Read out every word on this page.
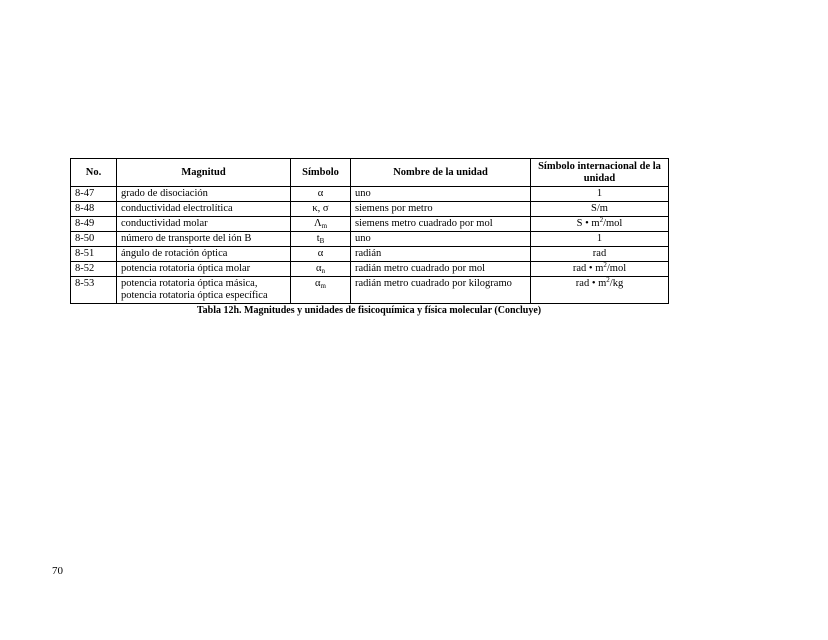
No.	Magnitud	Símbolo	Nombre de la unidad	Símbolo internacional de la unidad
8-47	grado de disociación	α	uno	1
8-48	conductividad electrolítica	κ, σ	siemens por metro	S/m
8-49	conductividad molar	$\Lambda_m$	siemens metro cuadrado por mol	S • $m^2$/mol
8-50	número de transporte del ión B	$t_B$	uno	1
8-51	ángulo de rotación óptica	α	radián	rad
8-52	potencia rotatoria óptica molar	$\alpha_n$	radián metro cuadrado por mol	rad • $m^2$/mol
8-53	potencia rotatoria óptica másica, potencia rotatoria óptica específica	$\alpha_m$	radián metro cuadrado por kilogramo	rad • $m^2/kg$
Tabla 12h. Magnitudes y unidades de fisicoquímica y física molecular (Concluye)
70
